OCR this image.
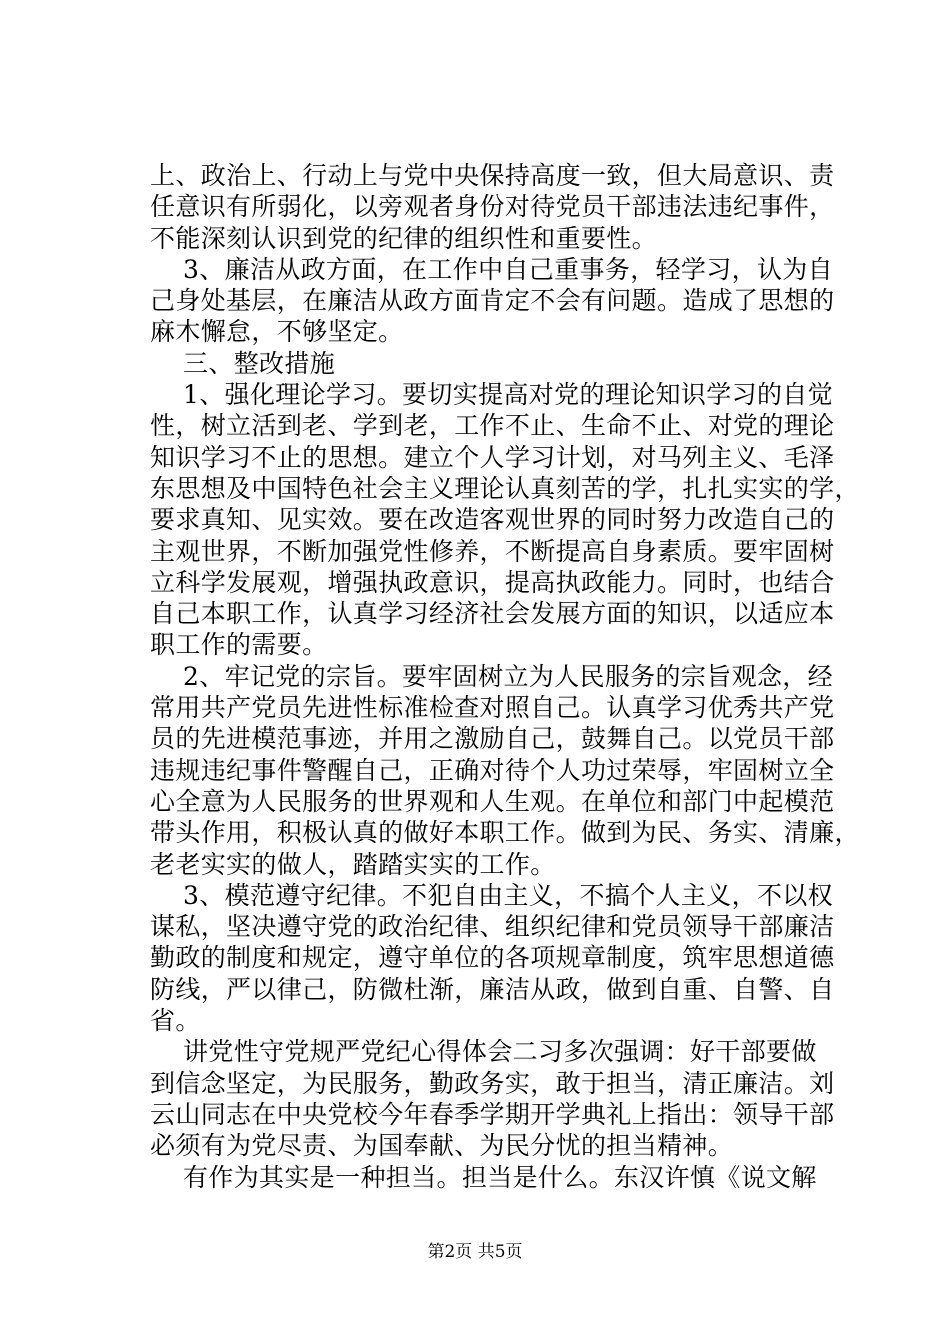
上、政治上、行动上与党中央保持高度一致，但大局意识、责
任意识有所弱化，以旁观者身份对待党员干部违法违纪事件，
不能深刻认识到党的纪律的组织性和重要性。
3、廉洁从政方面，在工作中自己重事务，轻学习，认为自
己身处基层，在廉洁从政方面肯定不会有问题。造成了思想的
麻木懈怠，不够坚定。
三、整改措施
1、强化理论学习。要切实提高对党的理论知识学习的自觉
性，树立活到老、学到老，工作不止、生命不止、对党的理论
知识学习不止的思想。建立个人学习计划，对马列主义、毛泽
东思想及中国特色社会主义理论认真刻苦的学，扎扎实实的学，
要求真知、见实效。要在改造客观世界的同时努力改造自己的
主观世界，不断加强党性修养，不断提高自身素质。要牢固树
立科学发展观，增强执政意识，提高执政能力。同时，也结合
自己本职工作，认真学习经济社会发展方面的知识，以适应本
职工作的需要。
2、牢记党的宗旨。要牢固树立为人民服务的宗旨观念，经
常用共产党员先进性标准检查对照自己。认真学习优秀共产党
员的先进模范事迹，并用之激励自己，鼓舞自己。以党员干部
违规违纪事件警醒自己，正确对待个人功过荣辱，牢固树立全
心全意为人民服务的世界观和人生观。在单位和部门中起模范
带头作用，积极认真的做好本职工作。做到为民、务实、清廉，
老老实实的做人，踏踏实实的工作。
3、模范遵守纪律。不犯自由主义，不搞个人主义，不以权
谋私，坚决遵守党的政治纪律、组织纪律和党员领导干部廉洁
勤政的制度和规定，遵守单位的各项规章制度，筑牢思想道德
防线，严以律己，防微杜渐，廉洁从政，做到自重、自警、自
省。
讲党性守党规严党纪心得体会二习多次强调：好干部要做
到信念坚定，为民服务，勤政务实，敢于担当，清正廉洁。刘
云山同志在中央党校今年春季学期开学典礼上指出：领导干部
必须有为党尽责、为国奉献、为民分忧的担当精神。
有作为其实是一种担当。担当是什么。东汉许慎《说文解
第2页 共5页
